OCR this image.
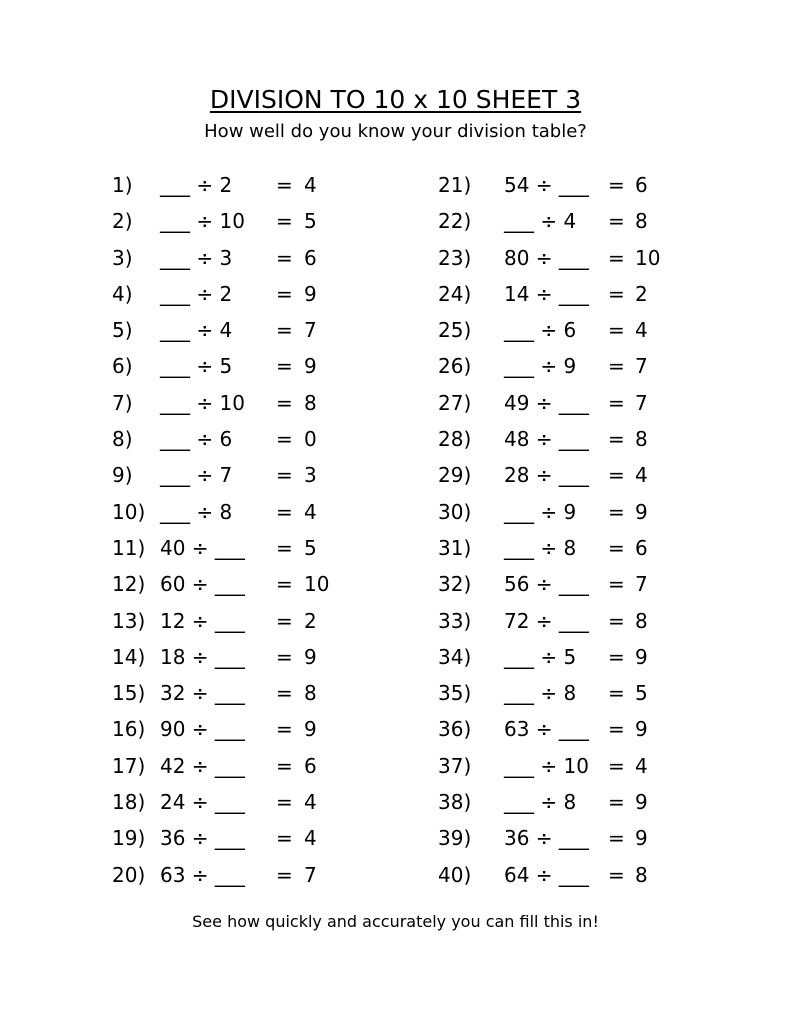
DIVISION TO 10 x 10 SHEET 3
How well do you know your division table?
1) ___ ÷ 2 = 4
2) ___ ÷ 10 = 5
3) ___ ÷ 3 = 6
4) ___ ÷ 2 = 9
5) ___ ÷ 4 = 7
6) ___ ÷ 5 = 9
7) ___ ÷ 10 = 8
8) ___ ÷ 6 = 0
9) ___ ÷ 7 = 3
10) ___ ÷ 8 = 4
11) 40 ÷ ___ = 5
12) 60 ÷ ___ = 10
13) 12 ÷ ___ = 2
14) 18 ÷ ___ = 9
15) 32 ÷ ___ = 8
16) 90 ÷ ___ = 9
17) 42 ÷ ___ = 6
18) 24 ÷ ___ = 4
19) 36 ÷ ___ = 4
20) 63 ÷ ___ = 7
21) 54 ÷ ___ = 6
22) ___ ÷ 4 = 8
23) 80 ÷ ___ = 10
24) 14 ÷ ___ = 2
25) ___ ÷ 6 = 4
26) ___ ÷ 9 = 7
27) 49 ÷ ___ = 7
28) 48 ÷ ___ = 8
29) 28 ÷ ___ = 4
30) ___ ÷ 9 = 9
31) ___ ÷ 8 = 6
32) 56 ÷ ___ = 7
33) 72 ÷ ___ = 8
34) ___ ÷ 5 = 9
35) ___ ÷ 8 = 5
36) 63 ÷ ___ = 9
37) ___ ÷ 10 = 4
38) ___ ÷ 8 = 9
39) 36 ÷ ___ = 9
40) 64 ÷ ___ = 8
See how quickly and accurately you can fill this in!
